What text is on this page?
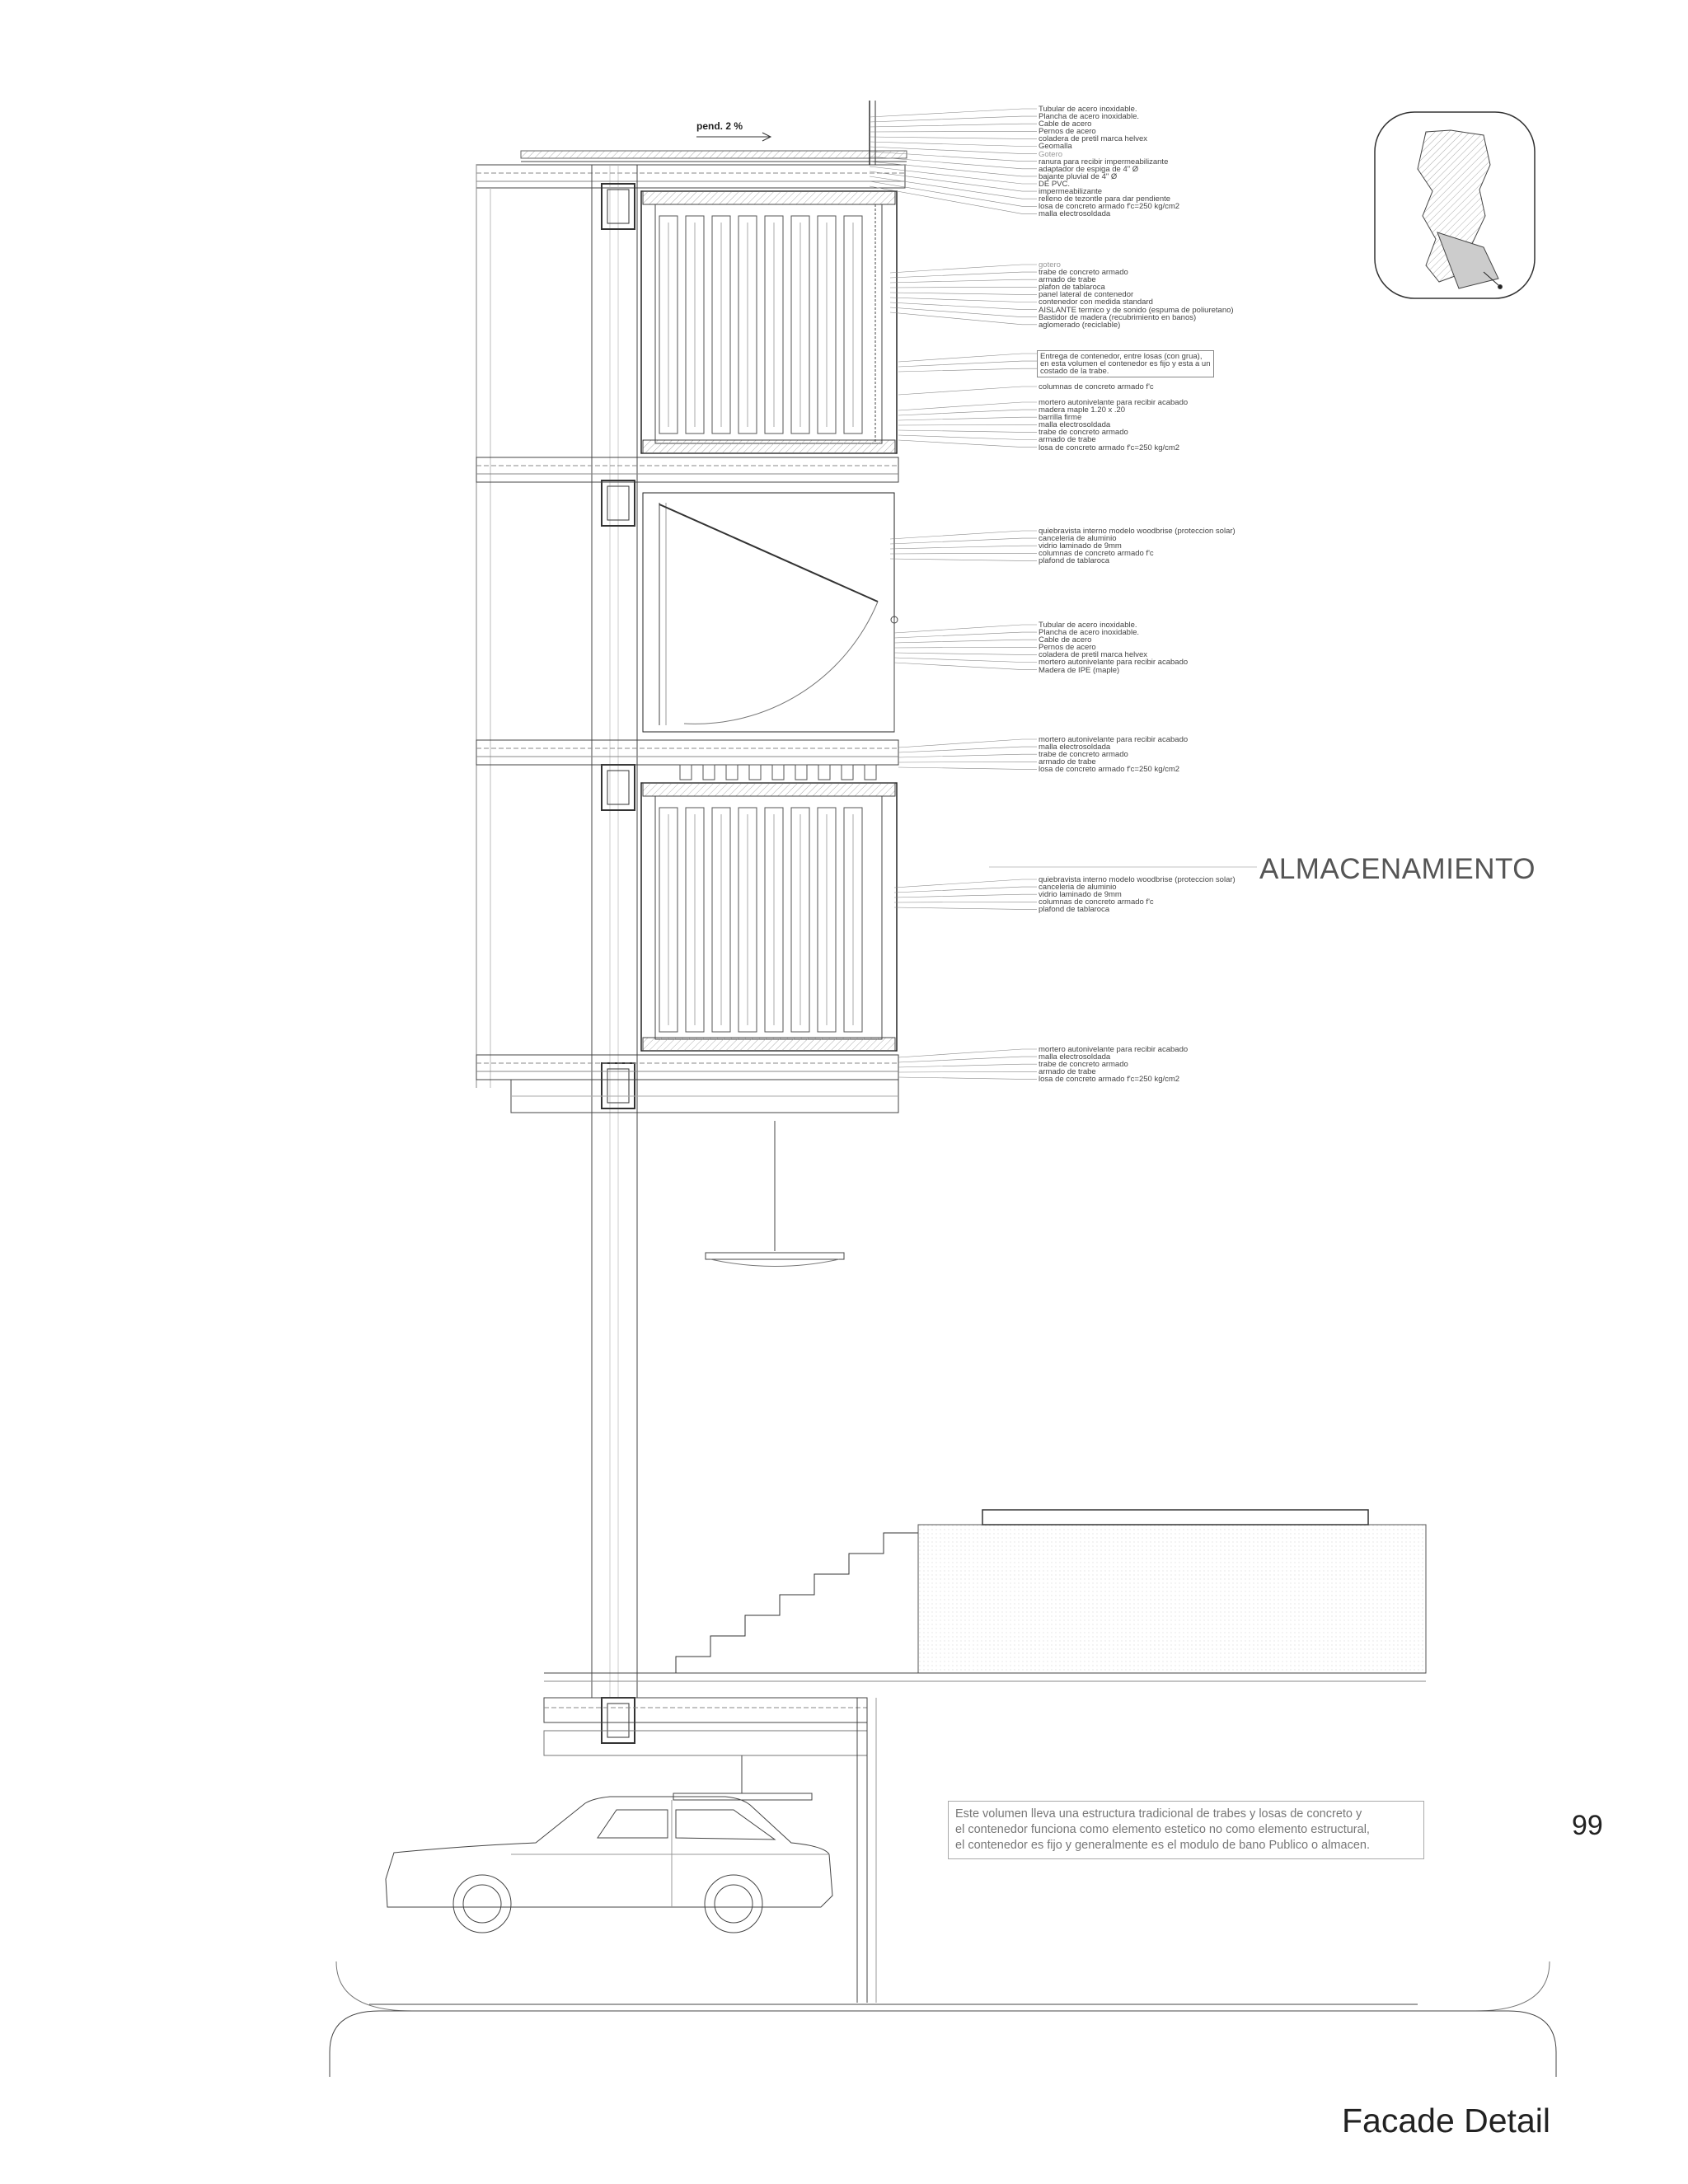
pend. 2 %
Tubular de acero inoxidable.
Plancha de acero inoxidable.
Cable de acero
Pernos de acero
coladera de pretil marca helvex
Geomalla
Gotero
ranura para recibir impermeabilizante
adaptador de espiga de 4" Ø
bajante pluvial de 4" Ø
DE PVC.
impermeabilizante
relleno de tezontle para dar pendiente
losa de concreto armado f'c=250 kg/cm2
malla electrosoldada
gotero
trabe de concreto armado
armado de trabe
plafon de tablaroca
panel lateral de contenedor
contenedor con medida standard
AISLANTE termico y de sonido (espuma de poliuretano)
Bastidor de madera (recubrimiento en banos)
aglomerado (reciclable)
Entrega de contenedor, entre losas (con grua),
en esta volumen el contenedor es fijo y esta a un
costado de la trabe.
columnas de concreto armado f'c
mortero autonivelante para recibir acabado
madera maple 1.20 x .20
barrilla firme
malla electrosoldada
trabe de concreto armado
armado de trabe
losa de concreto armado f'c=250 kg/cm2
quiebravista interno modelo woodbrise (proteccion solar)
canceleria de aluminio
vidrio laminado de 9mm
columnas de concreto armado f'c
plafond de tablaroca
Tubular de acero inoxidable.
Plancha de acero inoxidable.
Cable de acero
Pernos de acero
coladera de pretil marca helvex
mortero autonivelante para recibir acabado
Madera de IPE (maple)
mortero autonivelante para recibir acabado
malla electrosoldada
trabe de concreto armado
armado de trabe
losa de concreto armado f'c=250 kg/cm2
quiebravista interno modelo woodbrise (proteccion solar)
canceleria de aluminio
vidrio laminado de 9mm
columnas de concreto armado f'c
plafond de tablaroca
mortero autonivelante para recibir acabado
malla electrosoldada
trabe de concreto armado
armado de trabe
losa de concreto armado f'c=250 kg/cm2
ALMACENAMIENTO
Este volumen lleva una estructura tradicional de trabes y losas de concreto y
el contenedor funciona como elemento estetico no como elemento estructural,
el contenedor es fijo y generalmente es el modulo de bano Publico o almacen.
99
Facade Detail
